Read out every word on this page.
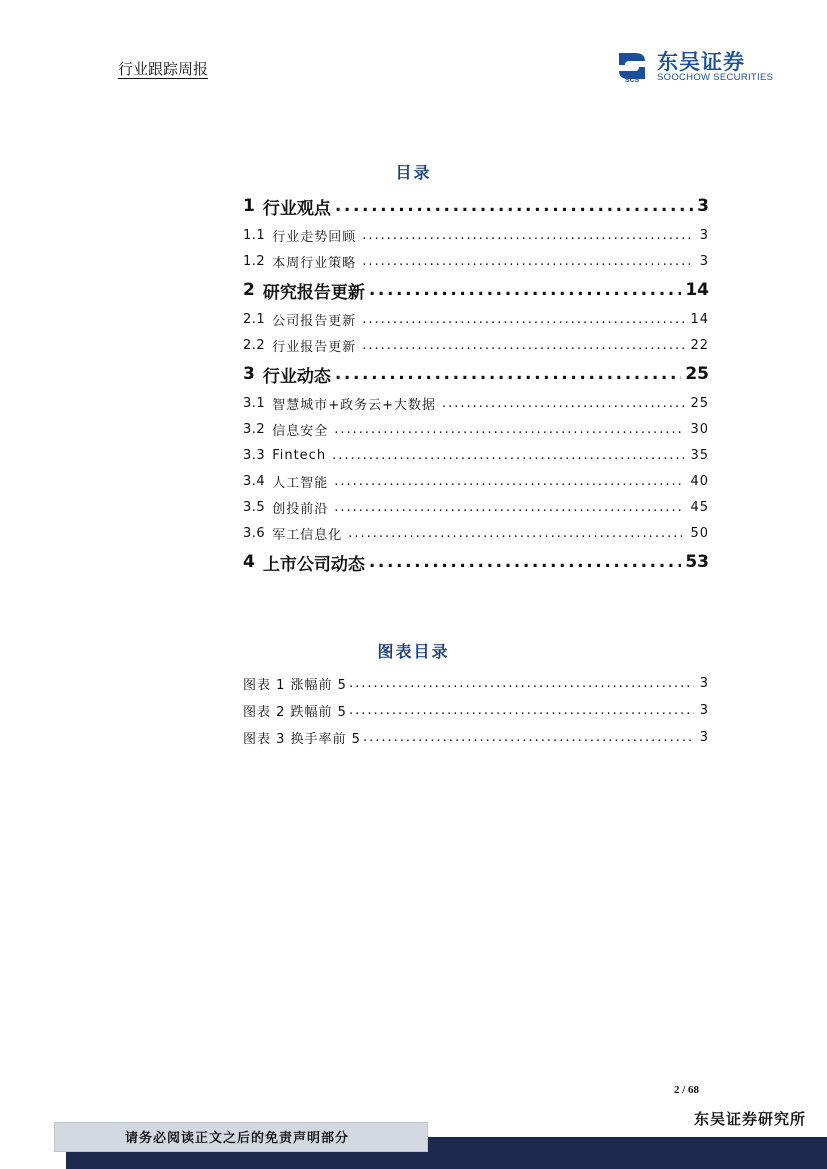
行业跟踪周报
SCS
东吴证券
SOOCHOW SECURITIES
目录
1 行业观点 .....	3
1.1 行业走势回顾 .....	3
1.2 本周行业策略 .....	3
2 研究报告更新 .....	14
2.1 公司报告更新 .....	14
2.2 行业报告更新 .....	22
3 行业动态 .....	25
3.1 智慧城市+政务云+大数据 .....	25
3.2 信息安全 .....	30
3.3 Fintech .....	35
3.4 人工智能 .....	40
3.5 创投前沿 .....	45
3.6 军工信息化 .....	50
4 上市公司动态 .....	53
图表目录
图表 1 涨幅前 5 .....	3
图表 2 跌幅前 5 .....	3
图表 3 换手率前 5 .....	3
2 / 68
东吴证券研究所
请务必阅读正文之后的免责声明部分
